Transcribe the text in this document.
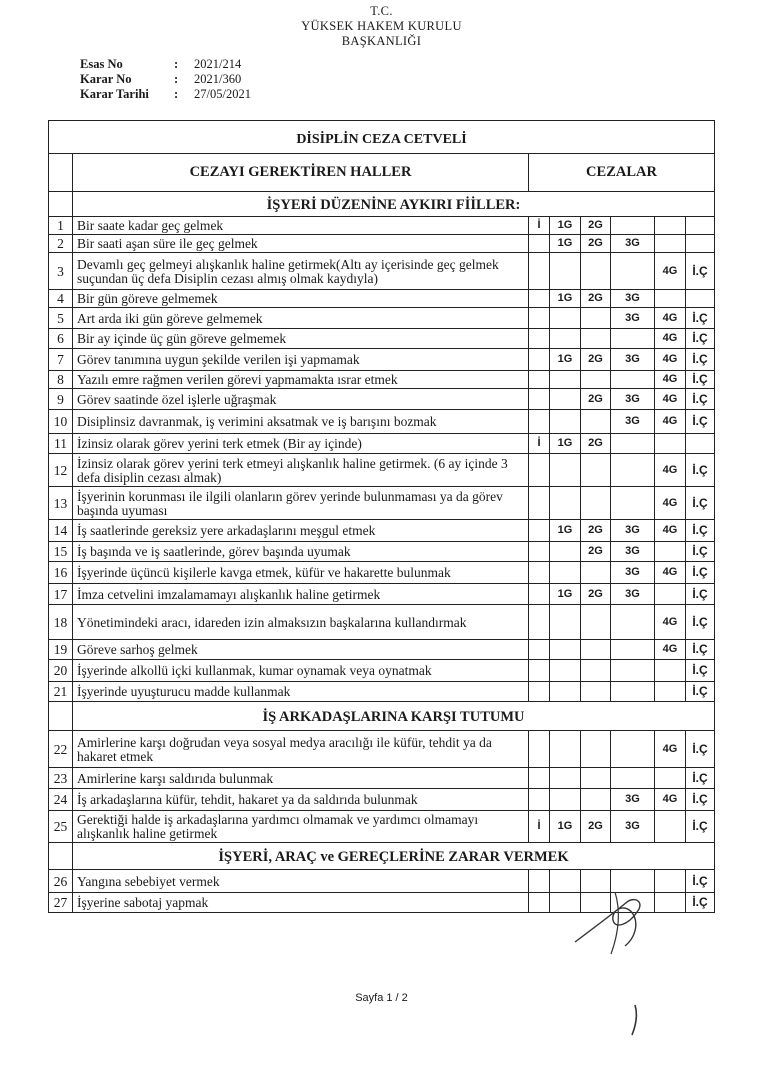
T.C.
YÜKSEK HAKEM KURULU
BAŞKANLIĞI
Esas No	:	2021/214
Karar No	:	2021/360
Karar Tarihi	:	27/05/2021
DİSİPLİN CEZA CETVELİ							
	CEZAYI GEREKTİREN HALLER	CEZALAR					
	İŞYERİ DÜZENİNE AYKIRI FİİLLER:						
1	Bir saate kadar geç gelmek	İ	1G	2G			
2	Bir saati aşan süre ile geç gelmek		1G	2G	3G		
3	Devamlı geç gelmeyi alışkanlık haline getirmek(Altı ay içerisinde geç gelmek suçundan üç defa Disiplin cezası almış olmak kaydıyla)					4G	İ.Ç
4	Bir gün göreve gelmemek		1G	2G	3G		
5	Art arda iki gün göreve gelmemek				3G	4G	İ.Ç
6	Bir ay içinde üç gün göreve gelmemek					4G	İ.Ç
7	Görev tanımına uygun şekilde verilen işi yapmamak		1G	2G	3G	4G	İ.Ç
8	Yazılı emre rağmen verilen görevi yapmamakta ısrar etmek					4G	İ.Ç
9	Görev saatinde özel işlerle uğraşmak			2G	3G	4G	İ.Ç
10	Disiplinsiz davranmak, iş verimini aksatmak ve iş barışını bozmak				3G	4G	İ.Ç
11	İzinsiz olarak görev yerini terk etmek (Bir ay içinde)	İ	1G	2G			
12	İzinsiz olarak görev yerini terk etmeyi alışkanlık haline getirmek. (6 ay içinde 3 defa disiplin cezası almak)					4G	İ.Ç
13	İşyerinin korunması ile ilgili olanların görev yerinde bulunmaması ya da görev başında uyuması					4G	İ.Ç
14	İş saatlerinde gereksiz yere arkadaşlarını meşgul etmek		1G	2G	3G	4G	İ.Ç
15	İş başında ve iş saatlerinde, görev başında uyumak			2G	3G		İ.Ç
16	İşyerinde üçüncü kişilerle kavga etmek, küfür ve hakarette bulunmak				3G	4G	İ.Ç
17	İmza cetvelini imzalamamayı alışkanlık haline getirmek		1G	2G	3G		İ.Ç
18	Yönetimindeki aracı, idareden izin almaksızın başkalarına kullandırmak					4G	İ.Ç
19	Göreve sarhoş gelmek					4G	İ.Ç
20	İşyerinde alkollü içki kullanmak, kumar oynamak veya oynatmak						İ.Ç
21	İşyerinde uyuşturucu madde kullanmak						İ.Ç
	İŞ ARKADAŞLARINA KARŞI TUTUMU						
22	Amirlerine karşı doğrudan veya sosyal medya aracılığı ile küfür, tehdit ya da hakaret etmek					4G	İ.Ç
23	Amirlerine karşı saldırıda bulunmak						İ.Ç
24	İş arkadaşlarına küfür, tehdit, hakaret ya da saldırıda bulunmak				3G	4G	İ.Ç
25	Gerektiği halde iş arkadaşlarına yardımcı olmamak ve yardımcı olmamayı alışkanlık haline getirmek	İ	1G	2G	3G		İ.Ç
	İŞYERİ, ARAÇ ve GEREÇLERİNE ZARAR VERMEK						
26	Yangına sebebiyet vermek						İ.Ç
27	İşyerine sabotaj yapmak						İ.Ç
Sayfa 1 / 2
